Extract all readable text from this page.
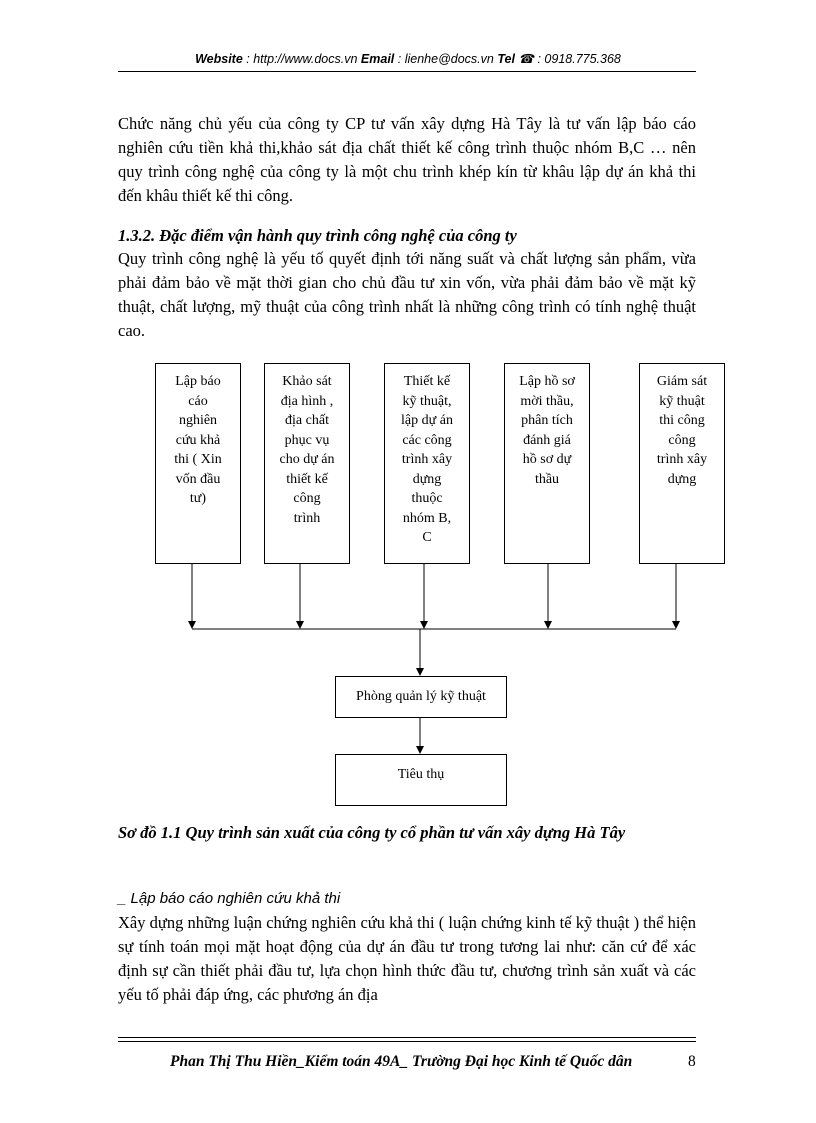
Website : http://www.docs.vn Email : lienhe@docs.vn Tel ☎ : 0918.775.368

Chức năng chủ yếu của công ty CP tư vấn xây dựng Hà Tây là tư vấn lập báo cáo nghiên cứu tiền khả thi,khảo sát địa chất thiết kế công trình thuộc nhóm B,C … nên quy trình công nghệ của công ty là một chu trình khép kín từ khâu lập dự án khả thi đến khâu thiết kế thi công.

1.3.2. Đặc điểm vận hành quy trình công nghệ của công ty

Quy trình công nghệ là yếu tố quyết định tới năng suất và chất lượng sản phẩm, vừa phải đảm bảo về mặt thời gian cho chủ đầu tư xin vốn, vừa phải đảm bảo về mặt kỹ thuật, chất lượng, mỹ thuật của công trình nhất là những công trình có tính nghệ thuật cao.

Lập báo
cáo
nghiên
cứu khả
thi ( Xin
vốn đầu
tư)
Khảo sát
địa hình ,
địa chất
phục vụ
cho dự án
thiết kế
công
trình
Thiết kế
kỹ thuật,
lập dự án
các công
trình xây
dựng
thuộc
nhóm B,
C
Lập hồ sơ
mời thầu,
phân tích
đánh giá
hồ sơ dự
thầu
Giám sát
kỹ thuật
thi công
công
trình xây
dựng
Phòng quản lý kỹ thuật
Tiêu thụ

Sơ đồ 1.1 Quy trình sản xuất của công ty cổ phần tư vấn xây dựng Hà Tây

_ Lập báo cáo nghiên cứu khả thi

Xây dựng những luận chứng nghiên cứu khả thi ( luận chứng kinh tế kỹ thuật ) thể hiện sự tính toán mọi mặt hoạt động của dự án đầu tư trong tương lai như: căn cứ để xác định sự cần thiết phải đầu tư, lựa chọn hình thức đầu tư, chương trình sản xuất và các yếu tố phải đáp ứng, các phương án địa

Phan Thị Thu Hiền_Kiểm toán 49A_ Trường Đại học Kinh tế Quốc dân	8
